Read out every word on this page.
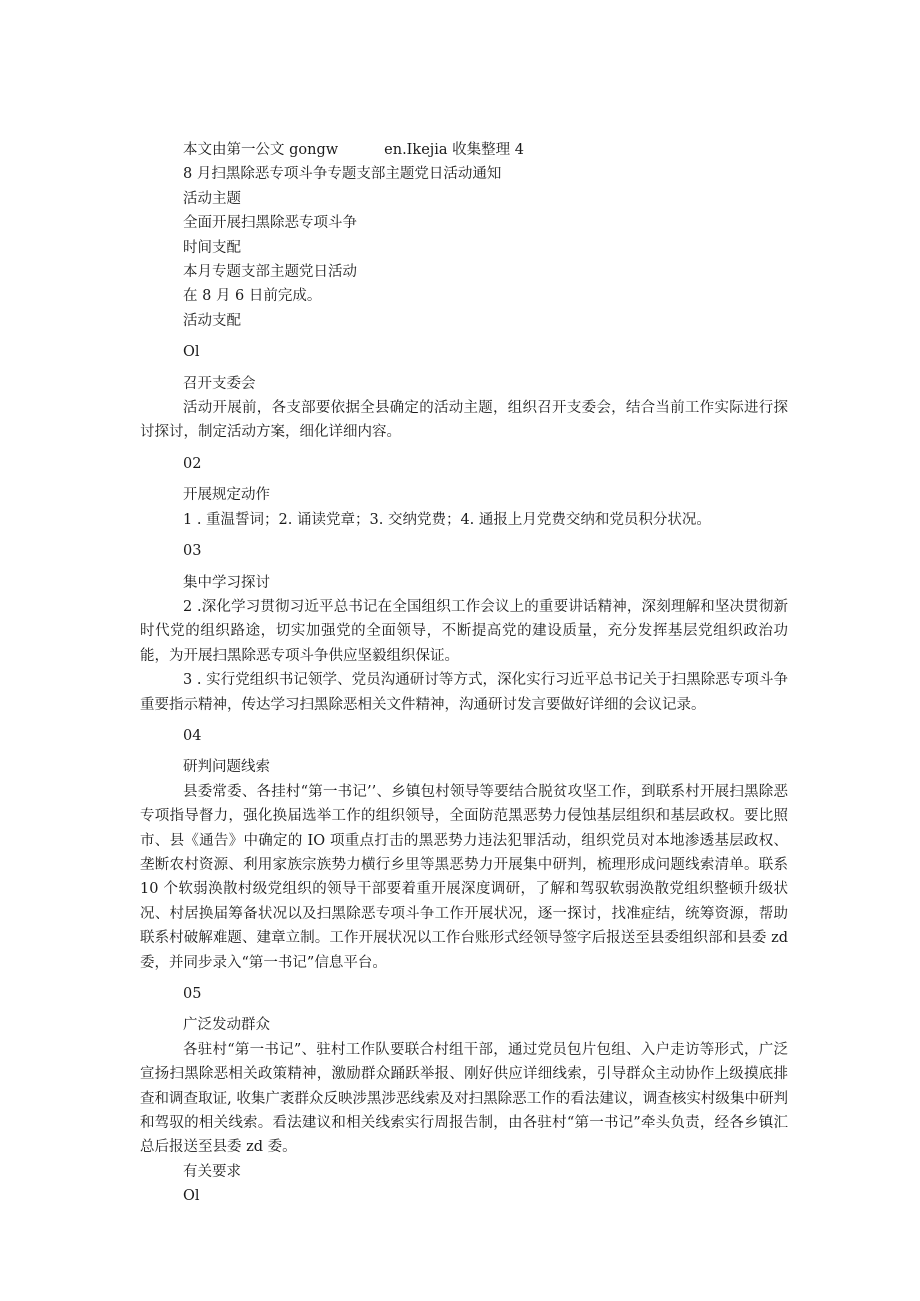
本文由第一公文 gongw	en.Ikejia 收集整理 4
8 月扫黑除恶专项斗争专题支部主题党日活动通知
活动主题
全面开展扫黑除恶专项斗争
时间支配
本月专题支部主题党日活动
在 8 月 6 日前完成。
活动支配
Ol
召开支委会

活动开展前，各支部要依据全县确定的活动主题，组织召开支委会，结合当前工作实际进行探讨探讨，制定活动方案，细化详细内容。

02
开展规定动作

1 . 重温誓词；2. 诵读党章；3. 交纳党费；4. 通报上月党费交纳和党员积分状况。

03
集中学习探讨

2 .深化学习贯彻习近平总书记在全国组织工作会议上的重要讲话精神，深刻理解和坚决贯彻新时代党的组织路途，切实加强党的全面领导，不断提高党的建设质量，充分发挥基层党组织政治功能，为开展扫黑除恶专项斗争供应坚毅组织保证。

3 . 实行党组织书记领学、党员沟通研讨等方式，深化实行习近平总书记关于扫黑除恶专项斗争重要指示精神，传达学习扫黑除恶相关文件精神，沟通研讨发言要做好详细的会议记录。

04
研判问题线索

县委常委、各挂村“第一书记’’、乡镇包村领导等要结合脱贫攻坚工作，到联系村开展扫黑除恶专项指导督力，强化换届选举工作的组织领导，全面防范黑恶势力侵蚀基层组织和基层政权。要比照市、县《通告》中确定的 IO 项重点打击的黑恶势力违法犯罪活动，组织党员对本地渗透基层政权、垄断农村资源、利用家族宗族势力横行乡里等黑恶势力开展集中研判，梳理形成问题线索清单。联系 10 个软弱涣散村级党组织的领导干部要着重开展深度调研，了解和驾驭软弱涣散党组织整顿升级状况、村居换届筹备状况以及扫黑除恶专项斗争工作开展状况，逐一探讨，找准症结，统筹资源，帮助联系村破解难题、建章立制。工作开展状况以工作台账形式经领导签字后报送至县委组织部和县委 zd 委，并同步录入“第一书记”信息平台。

05
广泛发动群众

各驻村“第一书记”、驻村工作队要联合村组干部，通过党员包片包组、入户走访等形式，广泛宣扬扫黑除恶相关政策精神，激励群众踊跃举报、刚好供应详细线索，引导群众主动协作上级摸底排查和调查取证, 收集广袤群众反映涉黑涉恶线索及对扫黑除恶工作的看法建议，调查核实村级集中研判和驾驭的相关线索。看法建议和相关线索实行周报告制，由各驻村“第一书记”牵头负责，经各乡镇汇总后报送至县委 zd 委。

有关要求
Ol
